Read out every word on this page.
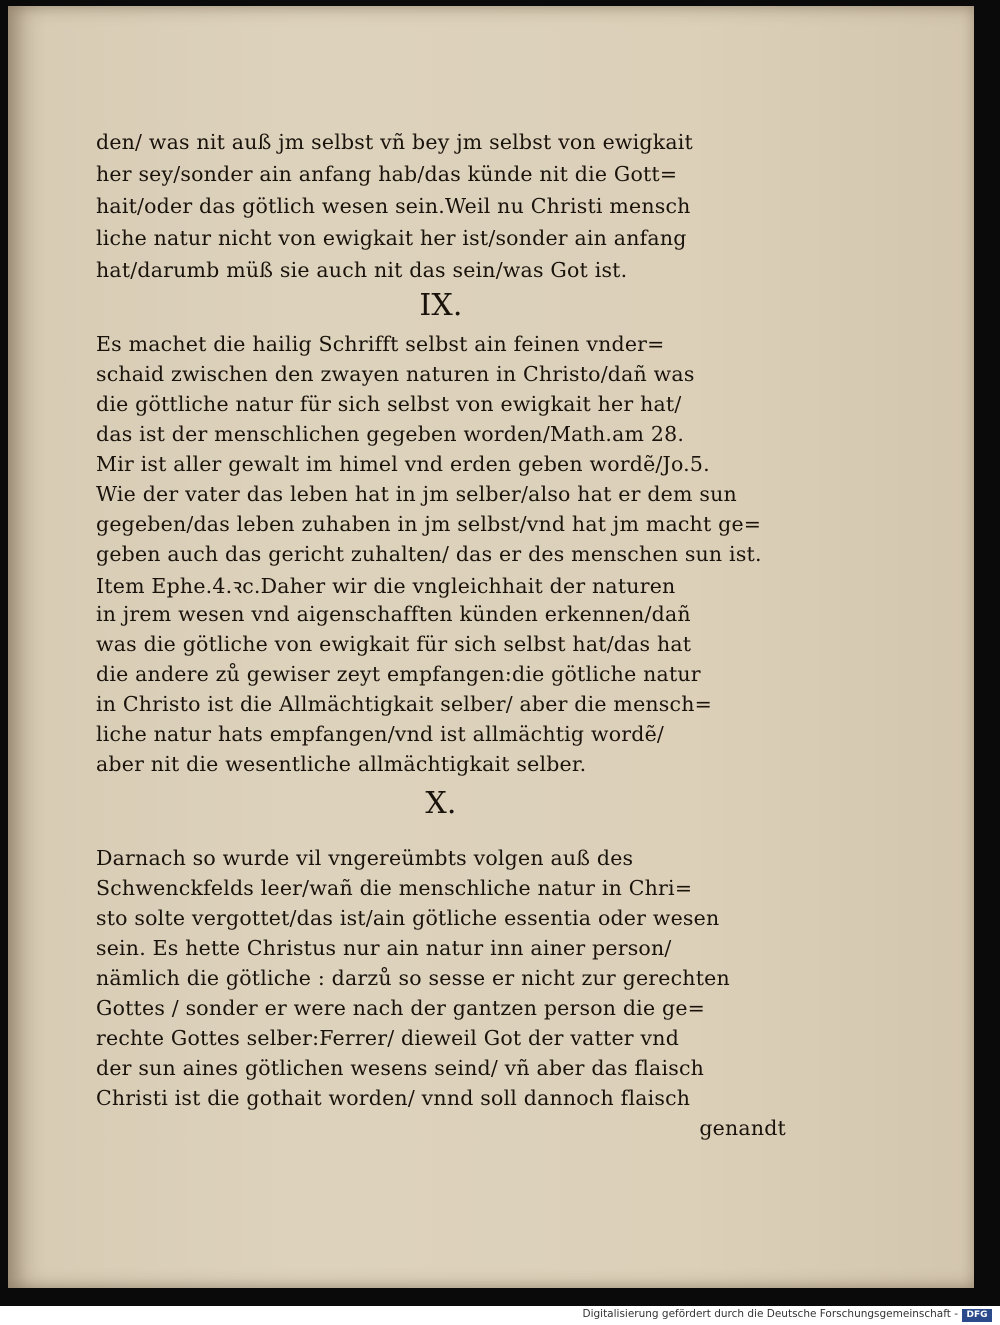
den/ was nit auß jm selbst vñ bey jm selbst von ewigkait
her sey/sonder ain anfang hab/das künde nit die Gott=
hait/oder das götlich wesen sein.Weil nu Christi mensch
liche natur nicht von ewigkait her ist/sonder ain anfang
hat/darumb müß sie auch nit das sein/was Got ist.
IX.
Es machet die hailig Schrifft selbst ain feinen vnder=
schaid zwischen den zwayen naturen in Christo/dañ was
die göttliche natur für sich selbst von ewigkait her hat/
das ist der menschlichen gegeben worden/Math.am 28.
Mir ist aller gewalt im himel vnd erden geben wordẽ/Jo.5.
Wie der vater das leben hat in jm selber/also hat er dem sun
gegeben/das leben zuhaben in jm selbst/vnd hat jm macht ge=
geben auch das gericht zuhalten/ das er des menschen sun ist.
Item Ephe.4.ꝛc.Daher wir die vngleichhait der naturen
in jrem wesen vnd aigenschafften künden erkennen/dañ
was die götliche von ewigkait für sich selbst hat/das hat
die andere zů gewiser zeyt empfangen:die götliche natur
in Christo ist die Allmächtigkait selber/ aber die mensch=
liche natur hats empfangen/vnd ist allmächtig wordẽ/
aber nit die wesentliche allmächtigkait selber.
X.
Darnach so wurde vil vngereümbts volgen auß des
Schwenckfelds leer/wañ die menschliche natur in Chri=
sto solte vergottet/das ist/ain götliche essentia oder wesen
sein. Es hette Christus nur ain natur inn ainer person/
nämlich die götliche : darzů so sesse er nicht zur gerechten
Gottes / sonder er were nach der gantzen person die ge=
rechte Gottes selber:Ferrer/ dieweil Got der vatter vnd
der sun aines götlichen wesens seind/ vñ aber das flaisch
Christi ist die gothait worden/ vnnd soll dannoch flaisch
genandt
Digitalisierung gefördert durch die Deutsche Forschungsgemeinschaft - DFG
